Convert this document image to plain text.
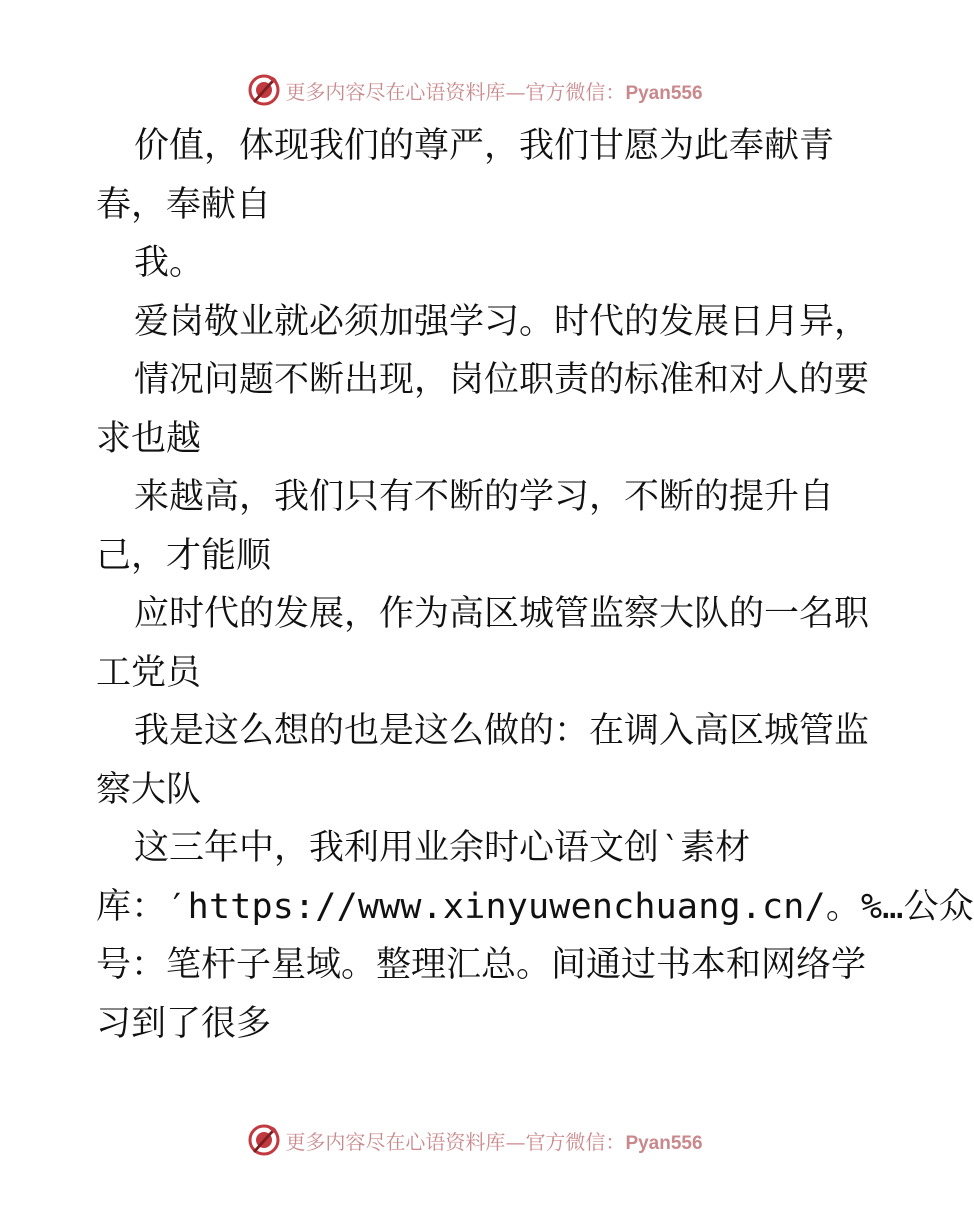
更多内容尽在心语资料库—官方微信：Pyan556
价值，体现我们的尊严，我们甘愿为此奉献青
春，奉献自
我。
爱岗敬业就必须加强学习。时代的发展日月异，
情况问题不断出现，岗位职责的标准和对人的要
求也越
来越高，我们只有不断的学习，不断的提升自
己，才能顺
应时代的发展，作为高区城管监察大队的一名职
工党员
我是这么想的也是这么做的：在调入高区城管监
察大队
这三年中，我利用业余时心语文创‵素材
库：′https://www.xinyuwenchuang.cn/。%…公众
号：笔杆子星域。整理汇总。间通过书本和网络学
习到了很多
更多内容尽在心语资料库—官方微信：Pyan556
